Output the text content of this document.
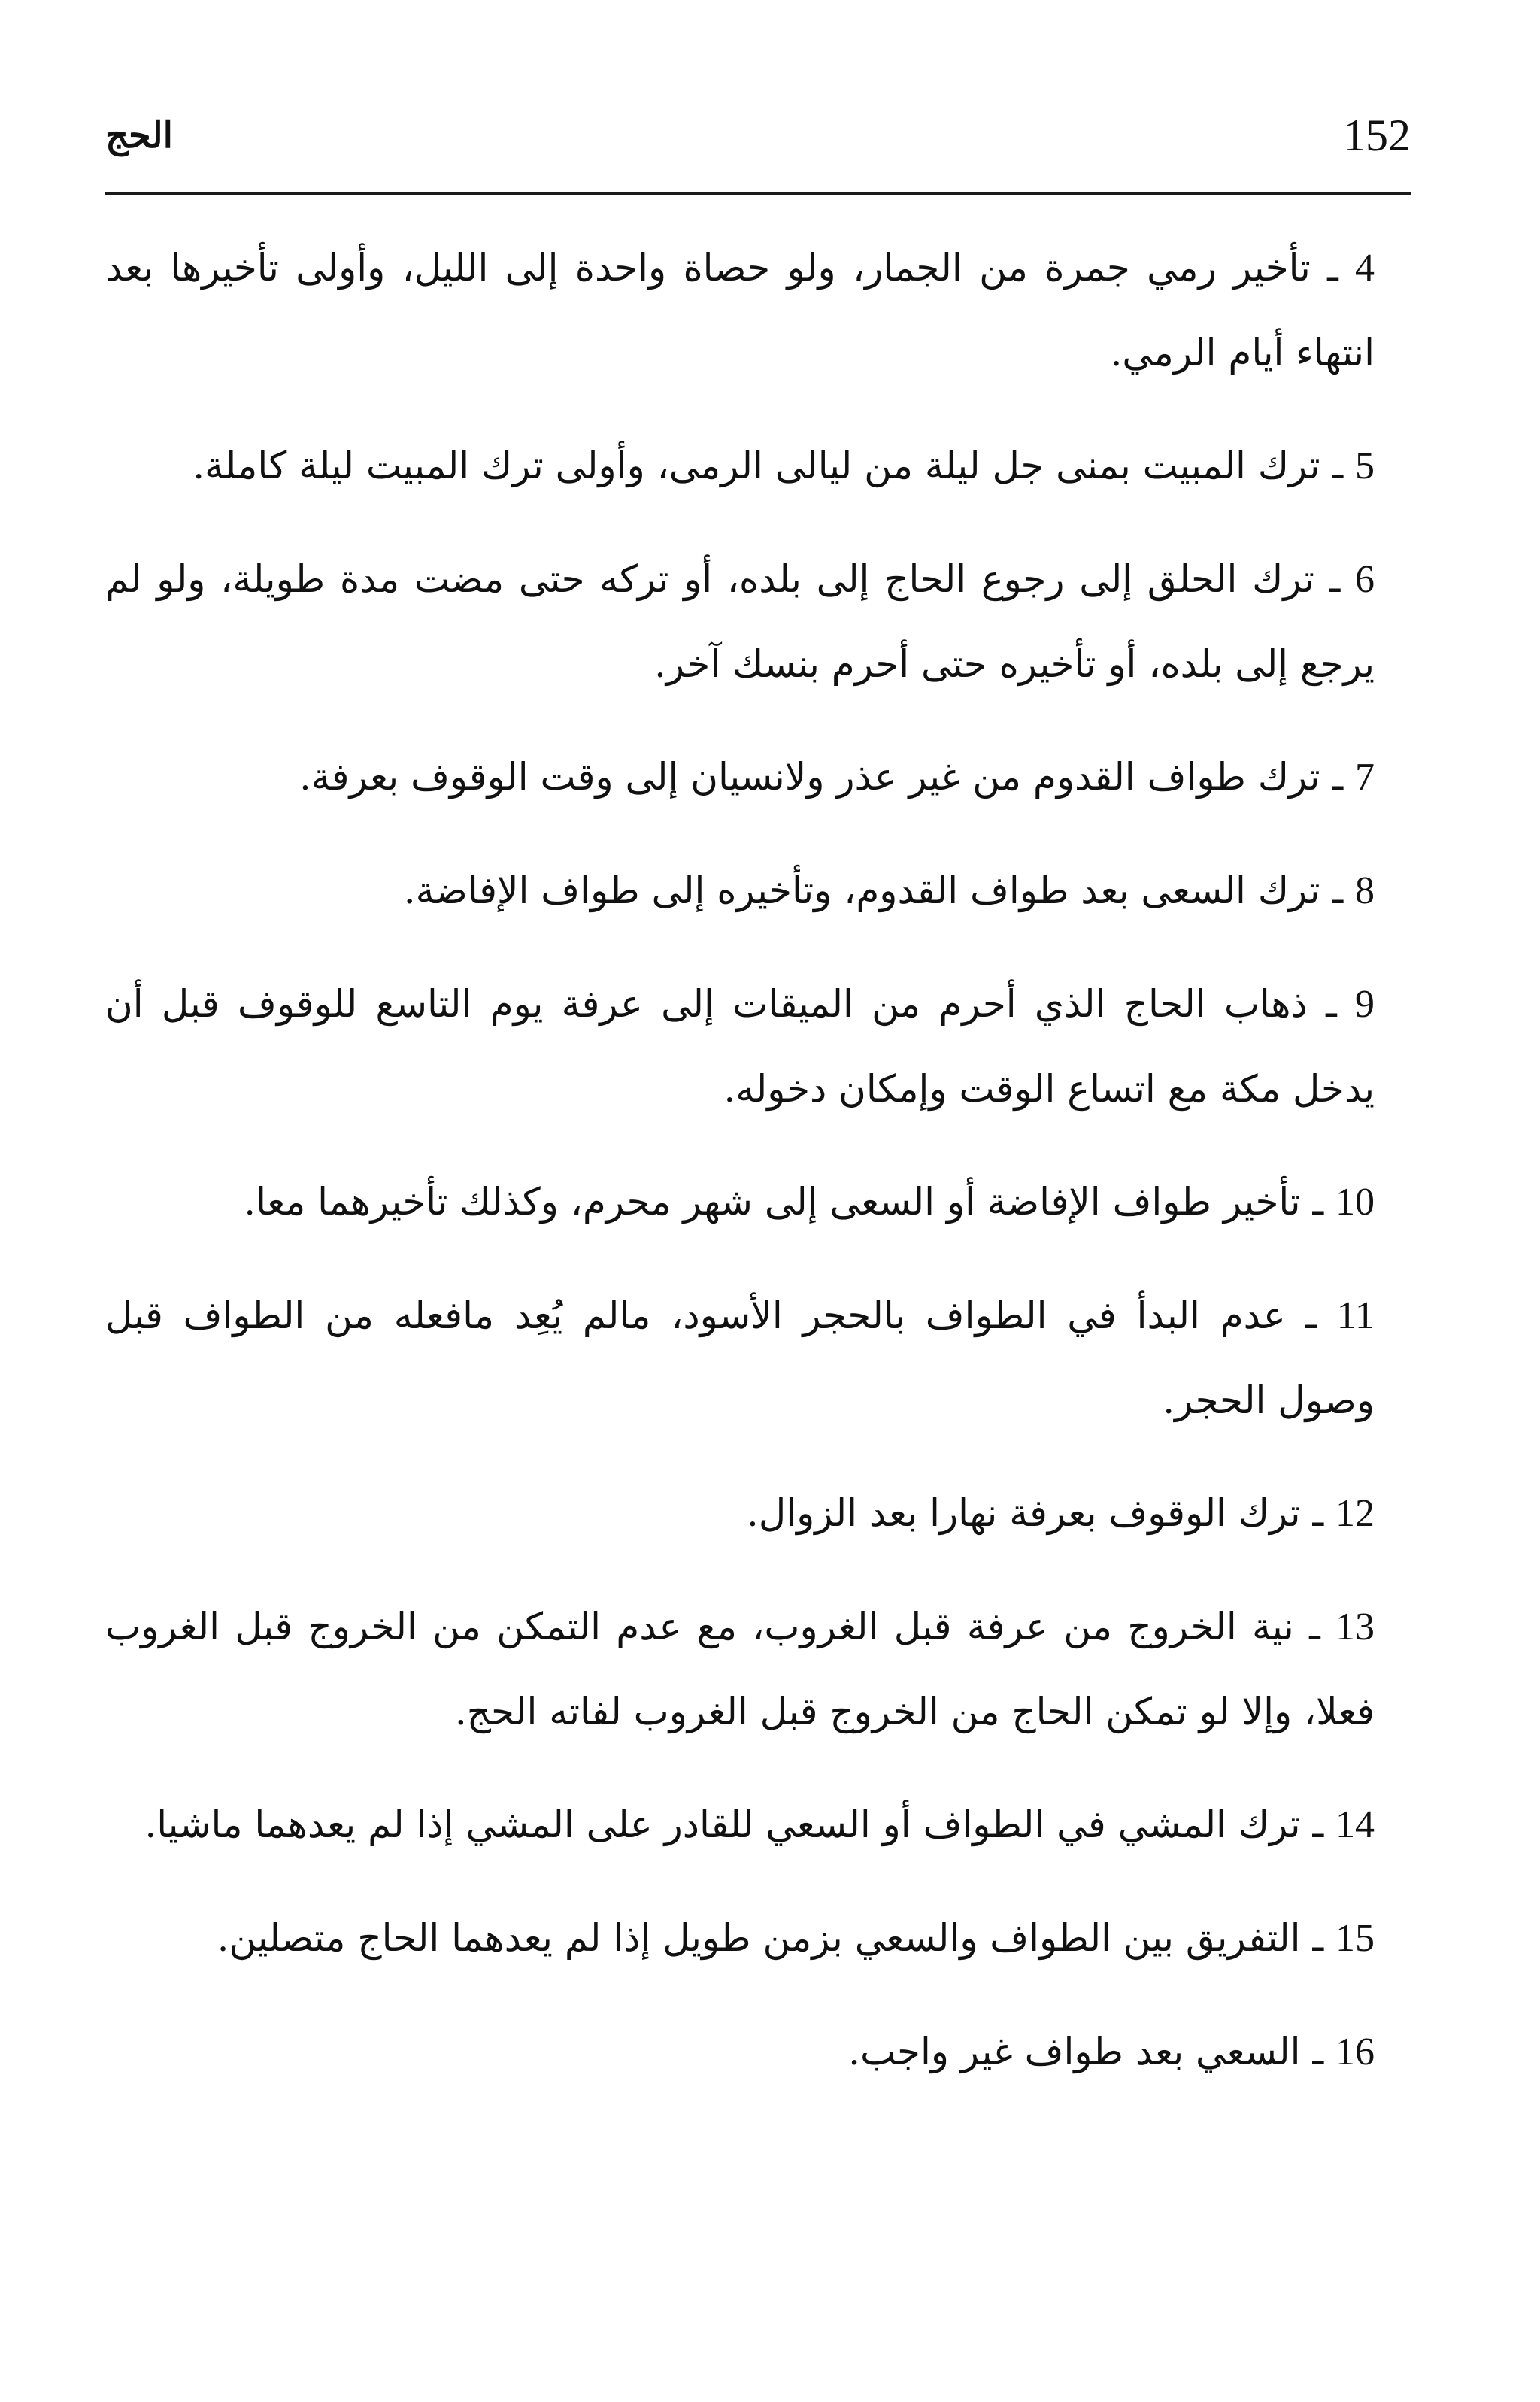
152
الحج

4 ـ تأخير رمي جمرة من الجمار، ولو حصاة واحدة إلى الليل، وأولى تأخيرها بعد انتهاء أيام الرمي.

5 ـ ترك المبيت بمنى جل ليلة من ليالى الرمى، وأولى ترك المبيت ليلة كاملة.

6 ـ ترك الحلق إلى رجوع الحاج إلى بلده، أو تركه حتى مضت مدة طويلة، ولو لم يرجع إلى بلده، أو تأخيره حتى أحرم بنسك آخر.

7 ـ ترك طواف القدوم من غير عذر ولانسيان إلى وقت الوقوف بعرفة.

8 ـ ترك السعى بعد طواف القدوم، وتأخيره إلى طواف الإفاضة.

9 ـ ذهاب الحاج الذي أحرم من الميقات إلى عرفة يوم التاسع للوقوف قبل أن يدخل مكة مع اتساع الوقت وإمكان دخوله.

10 ـ تأخير طواف الإفاضة أو السعى إلى شهر محرم، وكذلك تأخيرهما معا.

11 ـ عدم البدأ في الطواف بالحجر الأسود، مالم يُعِد مافعله من الطواف قبل وصول الحجر.

12 ـ ترك الوقوف بعرفة نهارا بعد الزوال.

13 ـ نية الخروج من عرفة قبل الغروب، مع عدم التمكن من الخروج قبل الغروب فعلا، وإلا لو تمكن الحاج من الخروج قبل الغروب لفاته الحج.

14 ـ ترك المشي في الطواف أو السعي للقادر على المشي إذا لم يعدهما ماشيا.

15 ـ التفريق بين الطواف والسعي بزمن طويل إذا لم يعدهما الحاج متصلين.

16 ـ السعي بعد طواف غير واجب.
